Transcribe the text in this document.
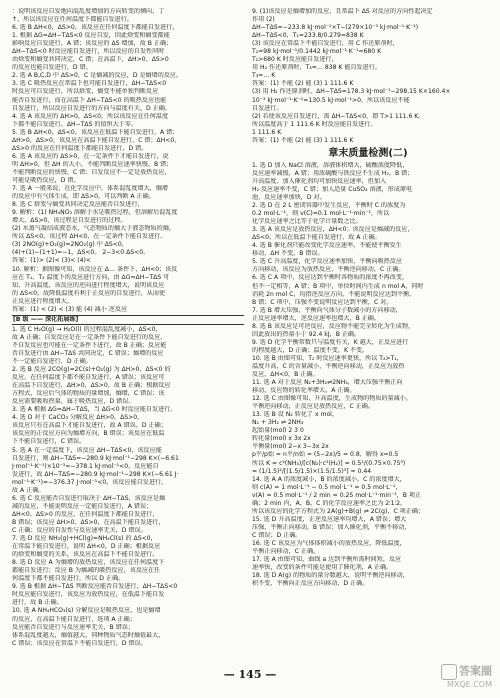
：说明该反应自发地向混乱度增加的方向转变的倾向，丁
↑，所以该反应在任何温度下都能自发进行。
6. 选 B ΔH<0，ΔS>0，该反应在任何温度下都能自发进行，
1. 根据 ΔG=ΔH−TΔS<0 反应自发，因此焓变和熵变都能
影响反应自发进行，A 错；该反应的 ΔS 增加，故 B 正确；
ΔH−TΔS<0 时反应能自发进行，所以反应的自发性同时
由焓变和熵变共同决定，C 错；在高温下，ΔH>0、ΔS>0
的反应也能自发进行，D 错。
2. 选 A B,C,D 中 ΔS>0，C 是熵减的反应，D 是熵增的反应。
3. 选 C 吸热反应在常温下也可能自发进行，ΔH−TΔS<0
时反应可自发进行，所以焓变、熵变不能单独判断反应
能否自发进行，而在高温下 ΔH−TΔS<0 的吸热反应也能
自发进行，所以反应自发进行的方向与温度有关，D 正确。
4. 选 A 该反应的 ΔH>0，ΔS<0，所以该反应在任何温度
下都不能自发进行。ΔH−TΔS 的值恒大于零。
5. 选 B ΔH<0，ΔS<0，该反应在低温下能自发进行，A 错；
ΔH>0，ΔS>0，该反应在高温下能自发进行，C 错；ΔH<0、
ΔS>0 的反应在任何温度下都能自发进行，D 错。
6. 选 A 该反应的 ΔS>0，在一定条件下才能自发进行，说
明 ΔH>0，但 ΔH 的大小，不能判断反应速率快慢，B 错；
不能判断反应的快慢，C 错；自发反应不一定是放热反应，
可能是吸热反应，D 错。
7. 选 A 一般来说，在化学反应中，体系混乱度增大，熵增
的反应中有气体生成，即 ΔS>0，可以判断 A 正确。
8. 选 C 焓变与熵变共同决定反应能否自发进行，
9. 解析：(1) NH₄NO₃ 溶解于水是吸热过程，但溶解后混乱度
增大，ΔS>0，该过程是自发进行的过程。
(2) 水蒸气凝结成液态水，气态物质的熵大于液态物质的熵，
所以 ΔS<0。该过程 ΔH<0，在一定条件下能自发进行。
(3) 2NO(g)+O₂(g)=2NO₂(g) 中 ΔS<0，
(4)+(1)−(1+1)=−1，ΔS<0。 2−3<0 ΔS<0。
答案：(1)> (2)< (3)< (4)<
10. 解析：据图像可知，该反应在 Δ… 条件下，ΔH<0；该反
应在 T₁、T₂ 温度下的反应进行方向，由 ΔG=ΔH−TΔS 可
知，升高温度，该反应的逆向进行程度增大，说明该反应
的 ΔS<0，故降低温度有利于正反应的自发进行，从而使
正反应进行程度增大。
答案：(1) < (2) < (3) 能 (4) 减小 逆反应
[B 级 —— 深化拓展练]
1. 选 C H₂O(g) → H₂O(l) 的过程混乱度减小，ΔS<0，
故 A 正确；自发反应是在一定条件下能自发进行的反应，
不自发反应也可能在一定条件下进行，故 B 正确；反应能
否自发进行由 ΔH−TΔS 共同决定，C 错误；熵增的反应
不一定能自发进行，D 正确。
2. 选 B 反应 2CO(g)=2C(s)+O₂(g) 为 ΔH>0、ΔS<0 的
反应，在任何温度下都不能自发进行，A 错误；该反应可
在高温下自发进行，ΔH>0，ΔS>0，故 B 正确；根据反应
方程式，反应后气体的物质的量增加，熵增，C 错误；该
反应需要吸收热量，属于吸热反应，D 错误。
3. 选 A 根据 ΔG=ΔH−TΔS，当 ΔG<0 时反应能自发进行。
4. 选 D 对于 CaCO₃ 分解反应 ΔH>0，ΔS>0，
该反应只有在高温下才能自发进行，故 A 错误，D 正确；
该反应的正反应方向为熵增方向，B 错误；该反应在低温
下不能自发进行，C 错误。
5. 选 A 在一定温度下，该反应 ΔH−TΔS<0，该反应能
自发进行，则 ΔH−TΔS=−280.9 kJ·mol⁻¹−298 K×(−6.61
J·mol⁻¹·K⁻¹)×10⁻³≈−378.1 kJ·mol⁻¹<0，反应能自
发进行，故 ΔH−TΔS=−280.9 kJ·mol⁻¹−298 K×(−6.61 J·
mol⁻¹·K⁻¹)=−376.37 J·mol⁻¹<0，该反应能自发进行，
故 A 正确。
6. 选 C 反应能否自发进行取决于 ΔH−TΔS，该反应是熵
减的反应，不能说明反应一定能自发进行，A 错误；
ΔH<0、ΔS>0 的反应，在任何温度下都能自发进行，
B 错误；该反应 ΔH>0、ΔS>0，在高温下能自发进行，
C 正确；反应的自发性与反应速率无关，D 错误。
7. 选 D 反应 NH₃(g)+HCl(g)=NH₄Cl(s) 的 ΔS<0，
在常温下能自发进行，说明 ΔH<0，D 正确；根据反应
的焓变和熵变的关系，该反应在高温下不能自发进行。
8. 选 D 反应 A 为熵增的放热反应，该反应在任何温度下
都能自发进行；反应 B 为熵减的吸热反应，该反应在任
何温度下都不能自发进行，所以 D 正确。
9. 选 B 根据 ΔH−TΔS 判断反应能否自发进行，ΔH−TΔS<0
时反应能自发进行，该反应为放热反应，在低温下能自发
进行，故 B 正确。
10. 选 A NH₄HCO₃(s) 分解反应是吸热反应，也是熵增
的反应，在高温下能自发进行，选项 A 正确；
反应能否自发进行与反应速率无关，B 错误；
体系混乱度越大，熵值越大，同种物质气态时熵值最大，
C 错误；该反应在常温下不能自发进行，D 错误。
9. (1)该反应是熵增加的反应，且常温下 ΔS 对反应的方向性起决定
作用 (2)
ΔH−TΔS=−233.8 kJ·mol⁻¹×T−(279×10⁻³ kJ·mol⁻¹·K⁻¹)
ΔH−TΔS<0，T₁=233.8/0.279≈838 K
(3) 该反应在常温下不能自发进行，用 C 作还原剂时，
T₂=98 kJ·mol⁻¹/0.1442 kJ·mol⁻¹·K⁻¹≈680 K
T₂>680 K 时反应能自发进行，
用 H₂ 作还原剂时，T₃=… 838 K 能自发进行。
T₃=… K
答案：(1) 不能 (2) 能 (3) 1 111.6 K
(3) 用 H₂ 作还原剂时，ΔH−TΔS=178.3 kJ·mol⁻¹−298.15 K×160.4×
10⁻³ kJ·mol⁻¹·K⁻¹=130.5 kJ·mol⁻¹>0，所以该反应不能
自发进行。
(2) 若使该反应自发进行，需 ΔH−TΔS<0，即 T>1 111.6 K。
所以温度高于 1 111.6 K 时反应能自发进行。
1 111.6 K
答案：(1) 不能 (2) 能 (3) 1 111.6 K
章末质量检测(二)
1. 选 D 加入 NaCl 溶液，溶液体积增大，硫酸浓度降低，
反应速率减慢，A 错；用浓硫酸与铁反应不生成 H₂，B 错；
升高温度、加入催化剂均可加快反应速率，但加入
H₂ 反应速率不变，C 错；加入适量 CuSO₄ 溶液，形成原电
池，反应速率加快，D 对。
2. 选 D 在 2 L 密闭容器中发生反应，平衡时 C 的浓度为
0.2 mol·L⁻¹，则 v(C)=0.1 mol·L⁻¹·min⁻¹，所以
化学反应速率之比等于化学计量数之比。
3. 选 A 该反应是放热反应，ΔH<0；该反应是熵减的反应，
ΔS<0，所以在低温下能自发进行，故 A 正确。
4. 选 B 催化剂只能改变化学反应速率，不能使平衡发生
移动，ΔH 不变，B 错误。
5. 选 C 升高温度，化学反应速率加快，平衡向吸热反应
方向移动，该反应为放热反应，平衡逆向移动，C 正确。
6. 选 C A 项中，反应达到平衡时各物质的浓度不再改变，
但不一定相等，A 错；B 项中，单位时间内生成 n mol A，同时
消耗 2n mol C，均指逆反应方向，不能说明反应达到平衡，
B 错；C 项中，压强不变说明反应达到平衡，C 对。
7. 选 B 增大压强，平衡向气体分子数减小的方向移动，
正反应速率增大，逆反应速率也增大，B 正确。
8. 选 B 该反应是可逆反应，反应物不能完全转化为生成物，
因此放出的热量小于 92.4 kJ，B 正确。
9. 选 D 化学平衡常数只与温度有关，K 越大，正反应进行
的程度越大，D 正确；温度不变，K 不变。
10. 选 B 由图可知，T₂ 时反应速率更快，所以 T₂>T₁，
温度升高，C 的含量减小，平衡逆向移动，正反应为放热
反应，ΔH<0，B 正确。
11. 选 A 对于反应 N₂+3H₂⇌2NH₃，增大压强平衡正向
移动，反应物的转化率增大，A 正确。
12. 选 C 由图像可知，升高温度，生成物的物质的量减小，
平衡逆向移动，正反应是放热反应，C 正确。
13. 选 B 设 N₂ 转化了 x mol，
N₂ + 3H₂ ⇌ 2NH₃
起始量(mol) 2 3 0
转化量(mol) x 3x 2x
平衡量(mol) 2−x 3−3x 2x
p平/p始 = n平/n始 = (5−2x)/5 = 0.8，解得 x=0.5
所以 K = c²(NH₃)/[c(N₂)·c³(H₂)] = 0.5²/(0.75×0.75³)
= (1/1.5)²/[(1.5/1.5)×(1.5/1.5)³] ≈ 0.44
14. 选 A A 的浓度减小，B 的浓度减小，C 的浓度增大，
则 c(A) = 1 mol·L⁻¹ − 0.5 mol·L⁻¹ = 0.5 mol·L⁻¹，
v(A) = 0.5 mol·L⁻¹ / 2 min = 0.25 mol·L⁻¹·min⁻¹，B 项正
确；2 min 内，A、B、C 的化学反应速率之比为 2∶1∶2，
所以该反应的化学方程式为 2A(g)+B(g) ⇌ 2C(g)，C 项正确；
15. 选 D 升高温度，正逆反应速率均增大，A 错误；增大
压强，平衡正向移动，B 错误；加入催化剂，平衡不移动，
C 错误；D 正确。
16. 选 C 该反应为气体体积减小的放热反应，降低温度，
平衡正向移动，C 正确。
17. 选 A 由图可知，曲线 a 达到平衡所需时间短，反应
速率快，改变的条件可能是使用了催化剂，A 正确。
18. 选 D A(g) 的物质的量分数越大，说明平衡逆向移动，
积不变，平衡向正反应方向移动，D 正确。
— 145 —	答案圈
MXQE.COM
